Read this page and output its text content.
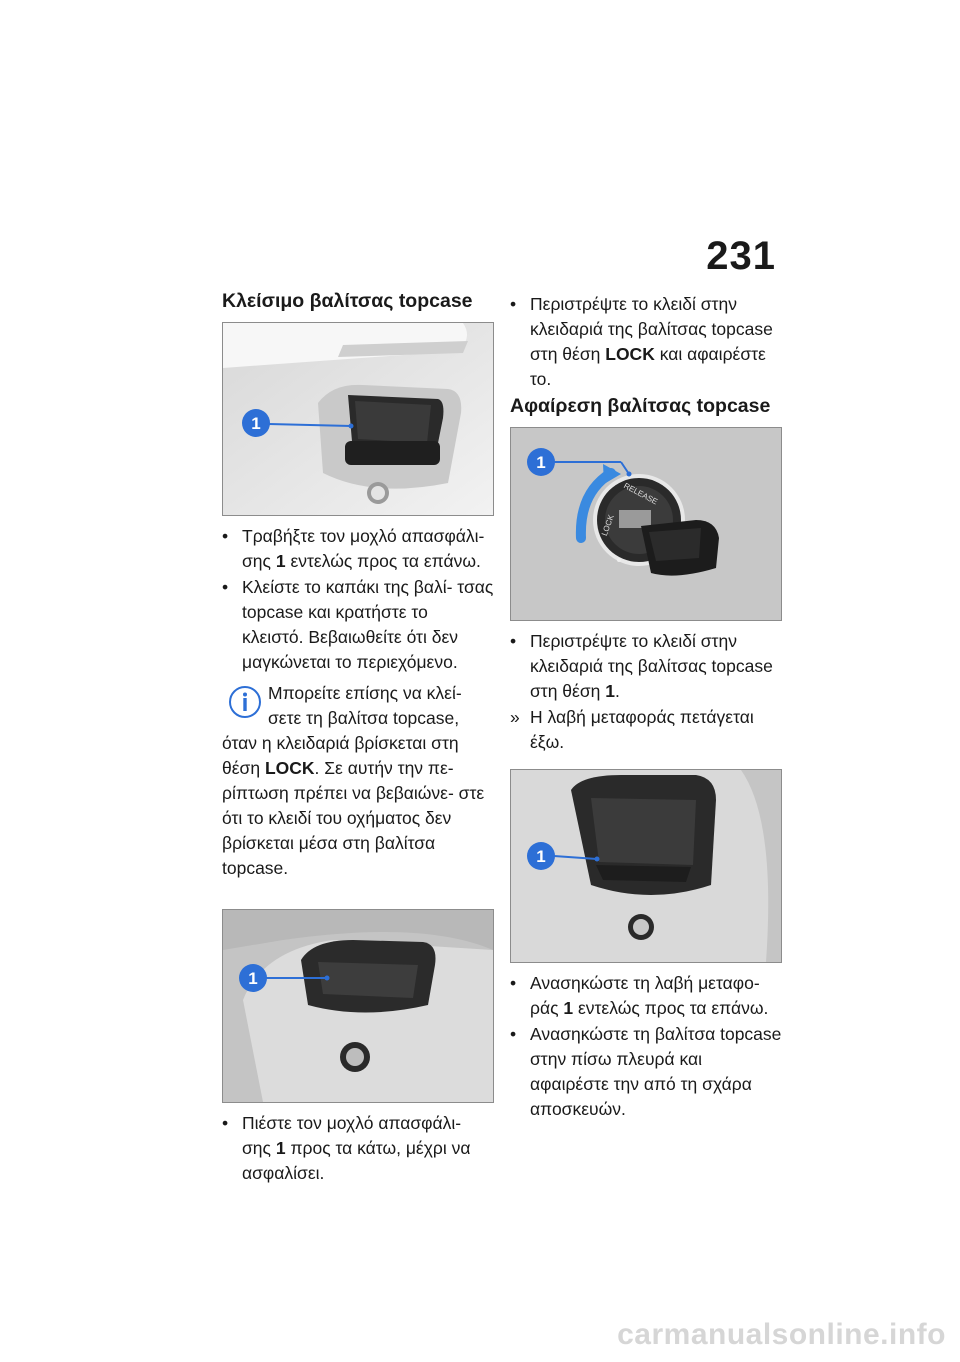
231
Κλείσιμο βαλίτσας topcase
1
• Τραβήξτε τον μοχλό απασφάλι- σης 1 εντελώς προς τα επάνω.
• Κλείστε το καπάκι της βαλί- τσας topcase και κρατήστε το κλειστό. Βεβαιωθείτε ότι δεν μαγκώνεται το περιεχόμενο.
Μπορείτε επίσης να κλεί- σετε τη βαλίτσα topcase,
όταν η κλειδαριά βρίσκεται στη θέση LOCK. Σε αυτήν την πε- ρίπτωση πρέπει να βεβαιώνε- στε ότι το κλειδί του οχήματος δεν βρίσκεται μέσα στη βαλίτσα topcase.
1
• Πιέστε τον μοχλό απασφάλι- σης 1 προς τα κάτω, μέχρι να ασφαλίσει.
• Περιστρέψτε το κλειδί στην κλειδαριά της βαλίτσας topcase στη θέση LOCK και αφαιρέστε το.
Αφαίρεση βαλίτσας topcase
RELEASE
LOCK
1
• Περιστρέψτε το κλειδί στην κλειδαριά της βαλίτσας topcase στη θέση 1.
» Η λαβή μεταφοράς πετάγεται έξω.
1
• Ανασηκώστε τη λαβή μεταφο- ράς 1 εντελώς προς τα επάνω.
• Ανασηκώστε τη βαλίτσα topcase στην πίσω πλευρά και αφαιρέστε την από τη σχάρα αποσκευών.
carmanualsonline.info
